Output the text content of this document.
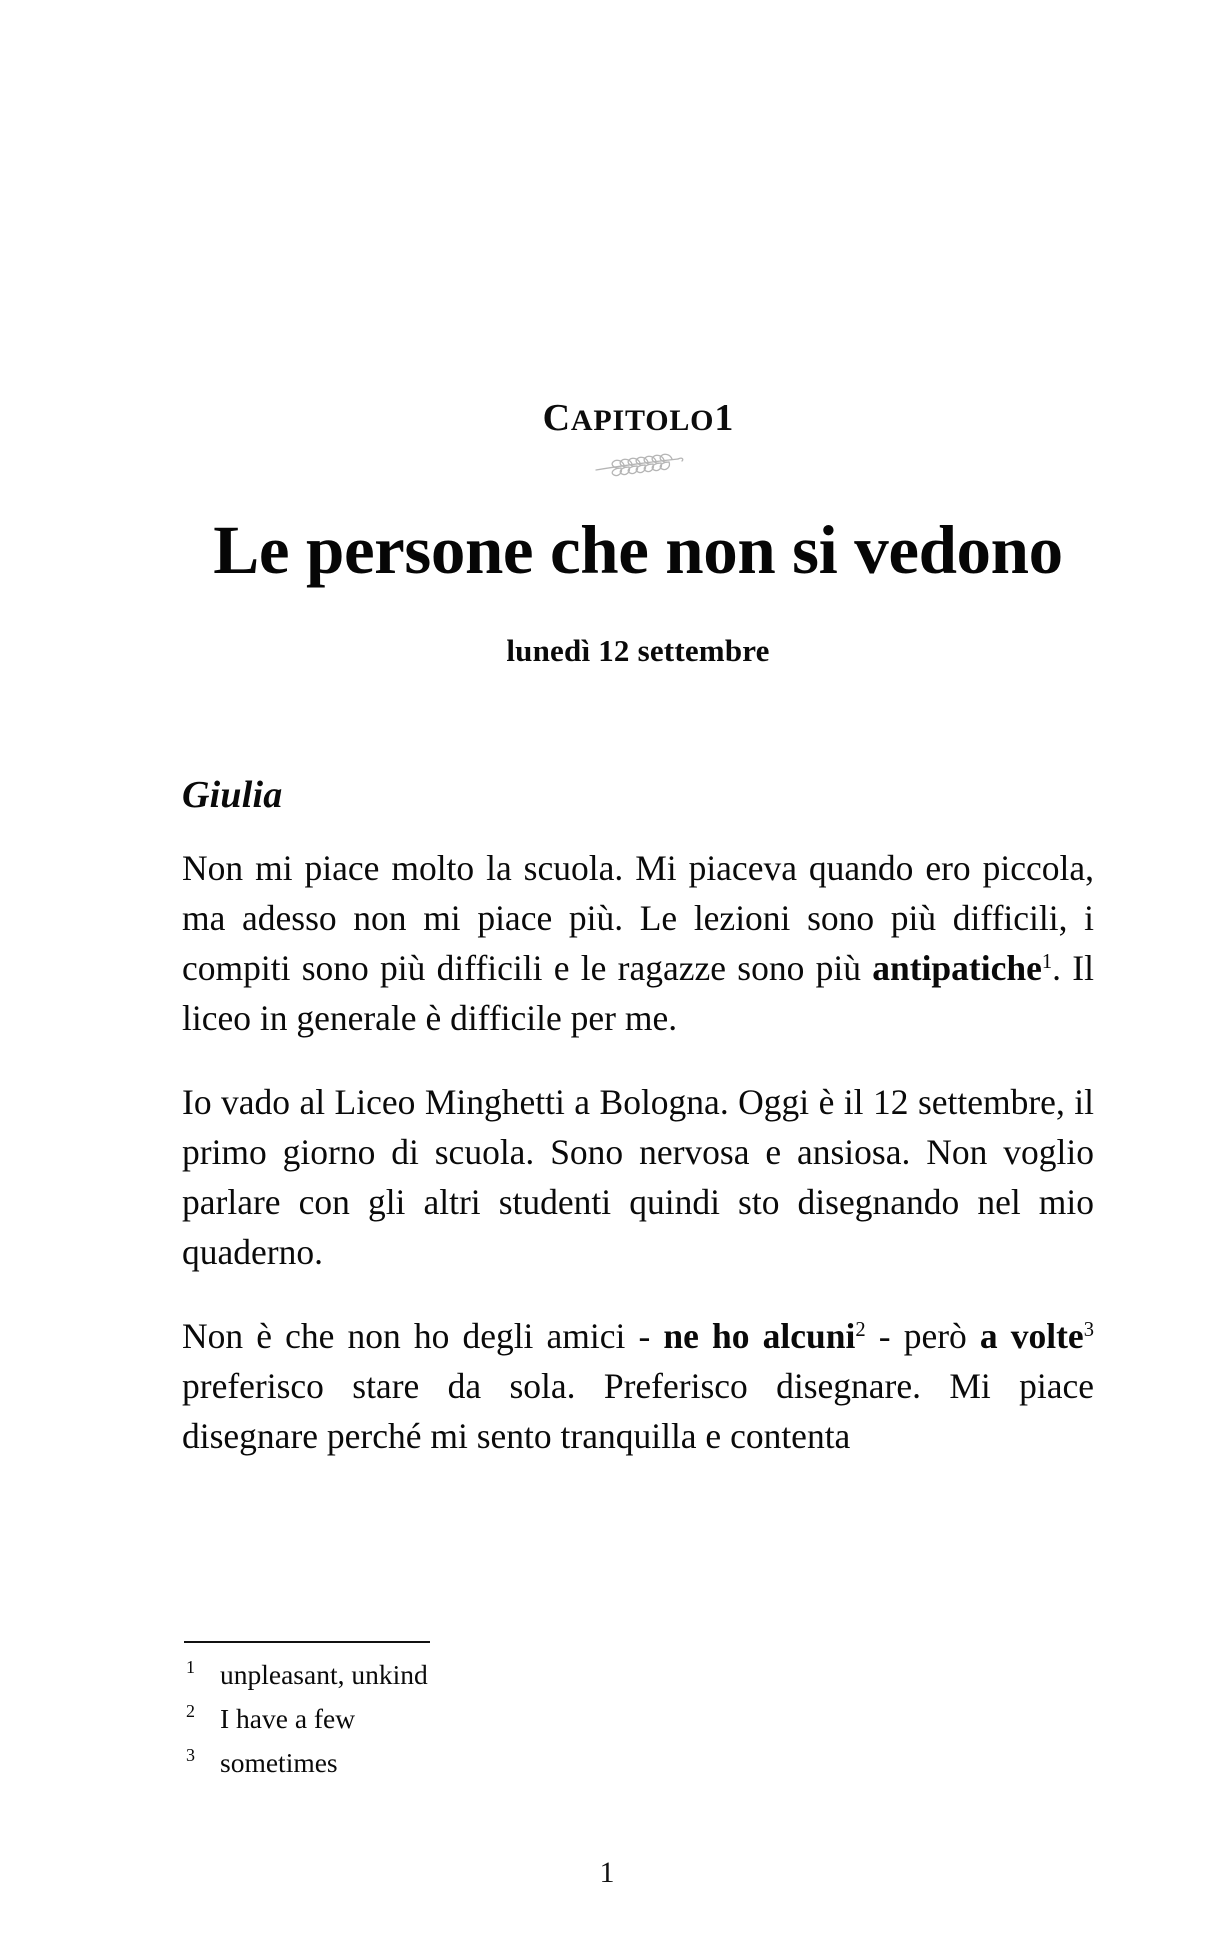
CAPITOLO1
Le persone che non si vedono
lunedì 12 settembre
Giulia

Non mi piace molto la scuola. Mi piaceva quando ero piccola, ma adesso non mi piace più. Le lezioni sono più difficili, i compiti sono più difficili e le ragazze sono più antipatiche$^1$. Il liceo in generale è difficile per me.

Io vado al Liceo Minghetti a Bologna. Oggi è il 12 settembre, il primo giorno di scuola. Sono nervosa e ansiosa. Non voglio parlare con gli altri studenti quindi sto disegnando nel mio quaderno.

Non è che non ho degli amici - ne ho alcuni$^2$ - però a volte$^3$ preferisco stare da sola. Preferisco disegnare. Mi piace disegnare perché mi sento tranquilla e contenta

1 unpleasant, unkind
2 I have a few
3 sometimes
1
